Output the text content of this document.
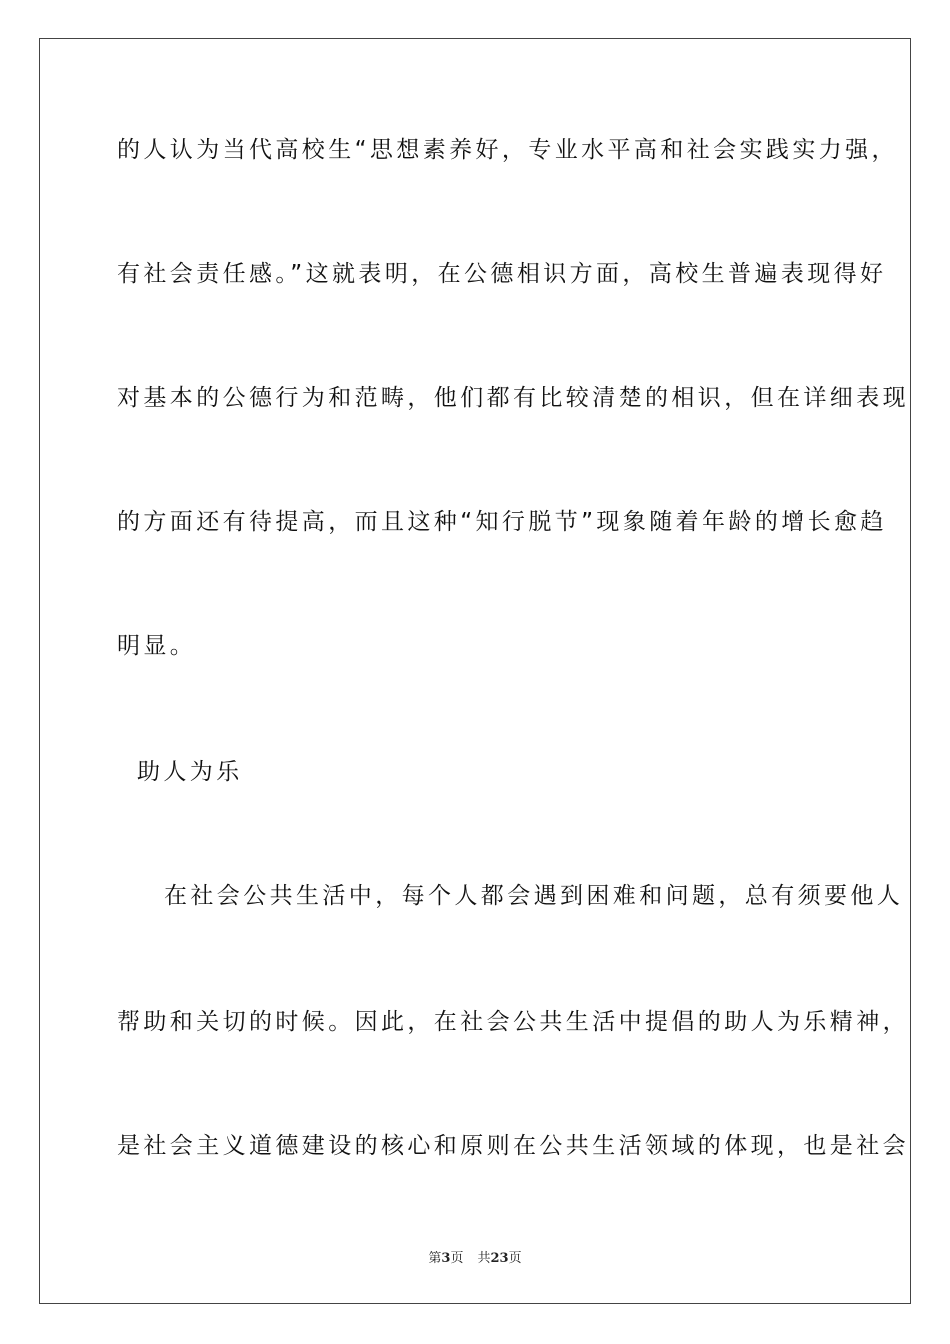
的人认为当代高校生“思想素养好，专业水平高和社会实践实力强，
有社会责任感。”这就表明，在公德相识方面，高校生普遍表现得好
对基本的公德行为和范畴，他们都有比较清楚的相识，但在详细表现
的方面还有待提高，而且这种“知行脱节”现象随着年龄的增长愈趋
明显。
助人为乐
在社会公共生活中，每个人都会遇到困难和问题，总有须要他人
帮助和关切的时候。因此，在社会公共生活中提倡的助人为乐精神，
是社会主义道德建设的核心和原则在公共生活领域的体现，也是社会
第3页 共23页
